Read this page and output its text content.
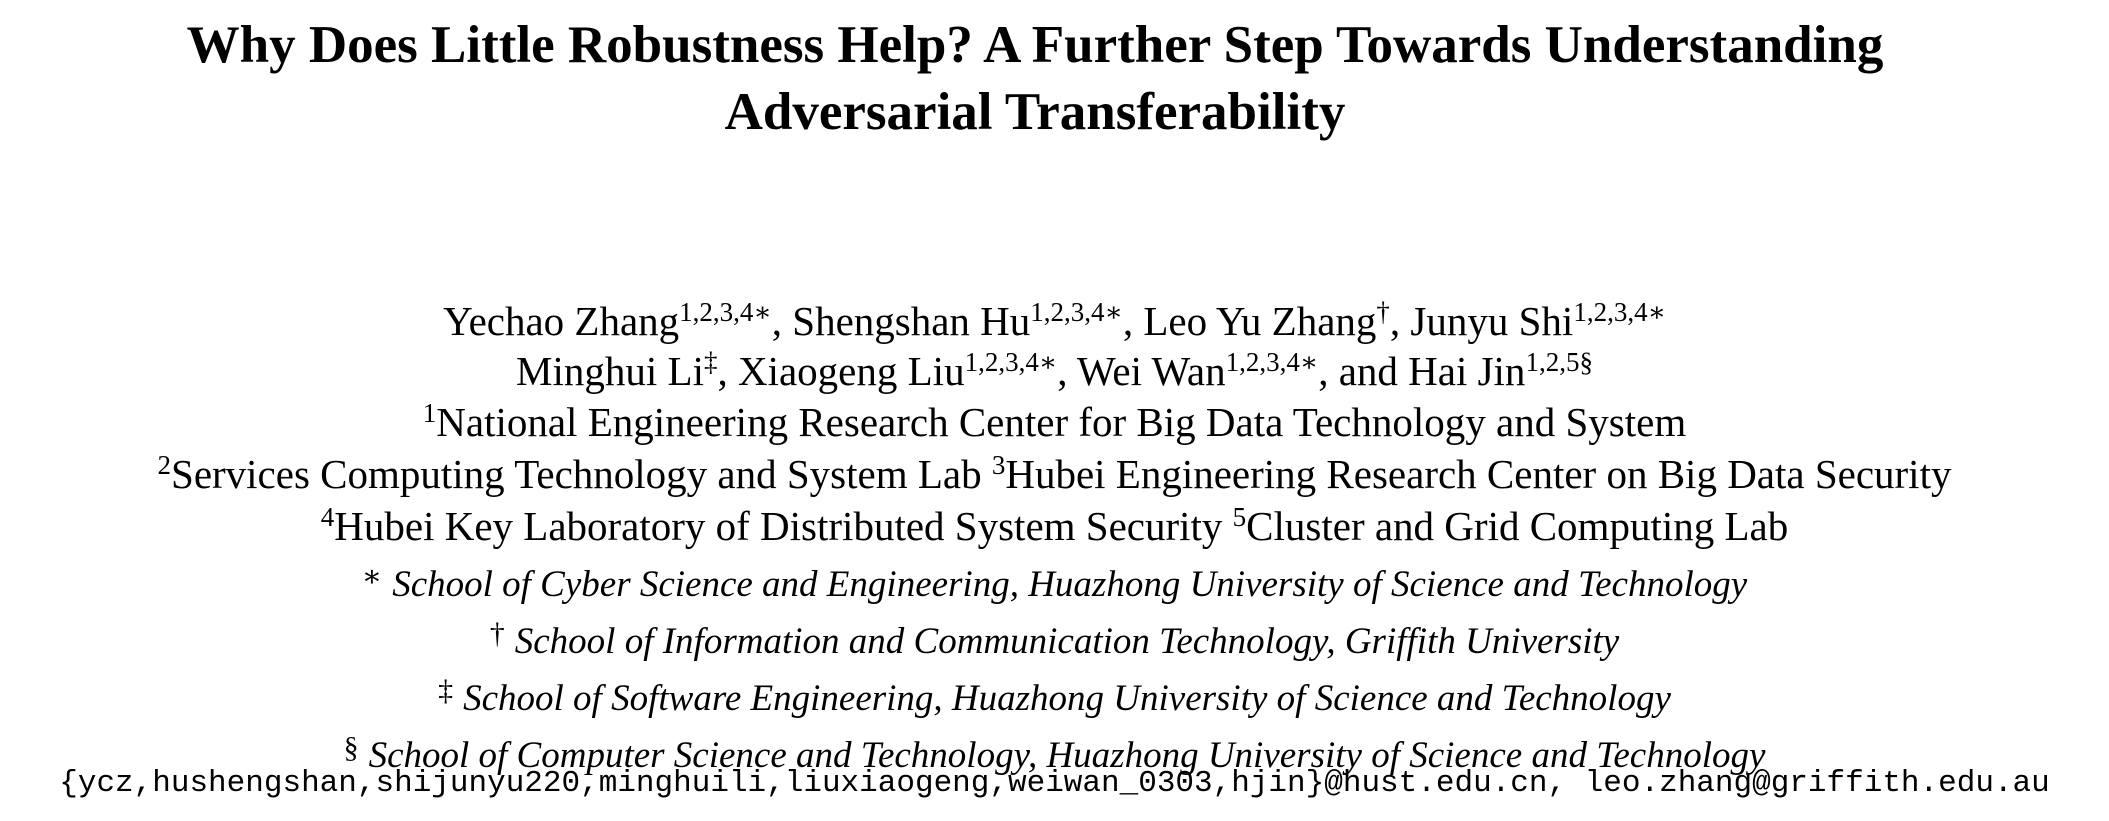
Why Does Little Robustness Help? A Further Step Towards Understanding
Adversarial Transferability
Yechao Zhang$^{1,2,3,4∗}$, Shengshan $Hu^{1,2,3,4∗}$, Leo Yu Zhang†, Junyu Shi$^{1,2,3,4∗}$
Minghui Li‡, Xiaogeng Liu$^{1,2,3,4∗}$, Wei Wan$^{1,2,3,4∗}$, and Hai Jin$^{1,2,5\S}$
$^1$National Engineering Research Center for Big Data Technology and System
$^2$Services Computing Technology and System Lab $^3$Hubei Engineering Research Center on Big Data Security
$^4$Hubei Key Laboratory of Distributed System Security $^5$Cluster and Grid Computing Lab
∗ School of Cyber Science and Engineering, Huazhong University of Science and Technology
† School of Information and Communication Technology, Griffith University
‡ School of Software Engineering, Huazhong University of Science and Technology
§ School of Computer Science and Technology, Huazhong University of Science and Technology
{ycz,hushengshan,shijunyu220,minghuili,liuxiaogeng,weiwan_0303,hjin}@hust.edu.cn, leo.zhang@griffith.edu.au
